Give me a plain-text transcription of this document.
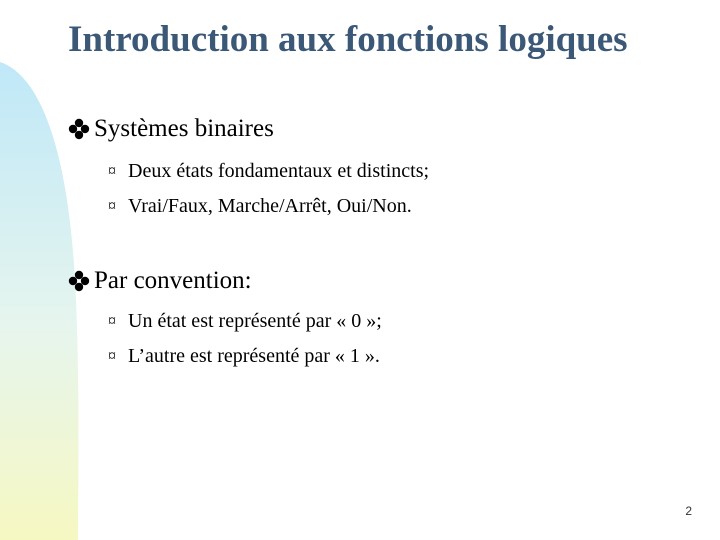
Introduction aux fonctions logiques
Systèmes binaires
¤ Deux états fondamentaux et distincts;
¤ Vrai/Faux, Marche/Arrêt, Oui/Non.
Par convention:
¤ Un état est représenté par « 0 »;
¤ L’autre est représenté par « 1 ».
2
